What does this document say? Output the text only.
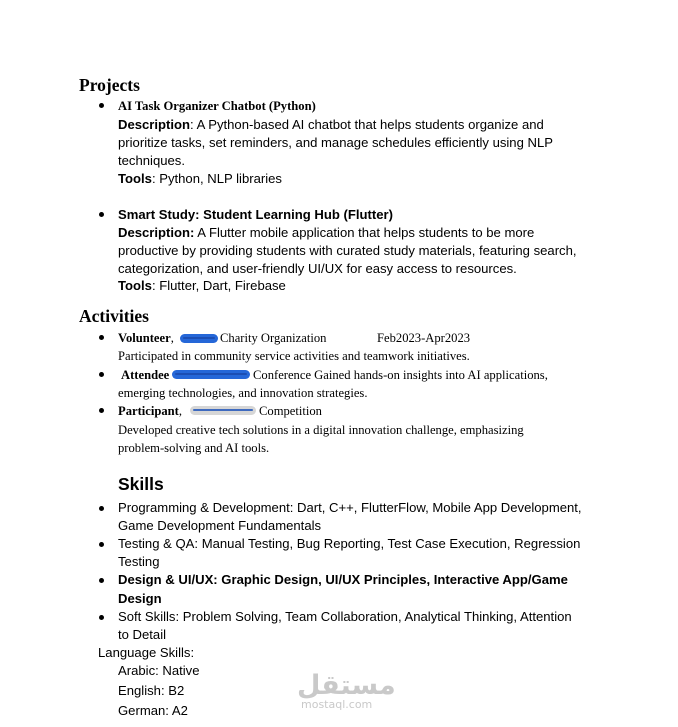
Projects
AI Task Organizer Chatbot (Python)
Description: A Python-based AI chatbot that helps students organize and
prioritize tasks, set reminders, and manage schedules efficiently using NLP
techniques.
Tools: Python, NLP libraries
Smart Study: Student Learning Hub (Flutter)
Description: A Flutter mobile application that helps students to be more
productive by providing students with curated study materials, featuring search,
categorization, and user-friendly UI/UX for easy access to resources.
Tools: Flutter, Dart, Firebase
Activities
Volunteer,	Charity Organization	Feb2023-Apr2023
Participated in community service activities and teamwork initiatives.
Attendee	Conference Gained hands-on insights into AI applications,
emerging technologies, and innovation strategies.
Participant,	Competition
Developed creative tech solutions in a digital innovation challenge, emphasizing
problem-solving and AI tools.
Skills
Programming & Development: Dart, C++, FlutterFlow, Mobile App Development,
Game Development Fundamentals
Testing & QA: Manual Testing, Bug Reporting, Test Case Execution, Regression
Testing
Design & UI/UX: Graphic Design, UI/UX Principles, Interactive App/Game
Design
Soft Skills: Problem Solving, Team Collaboration, Analytical Thinking, Attention
to Detail
Language Skills:
Arabic: Native
English: B2
German: A2
مستقل
mostaql.com
